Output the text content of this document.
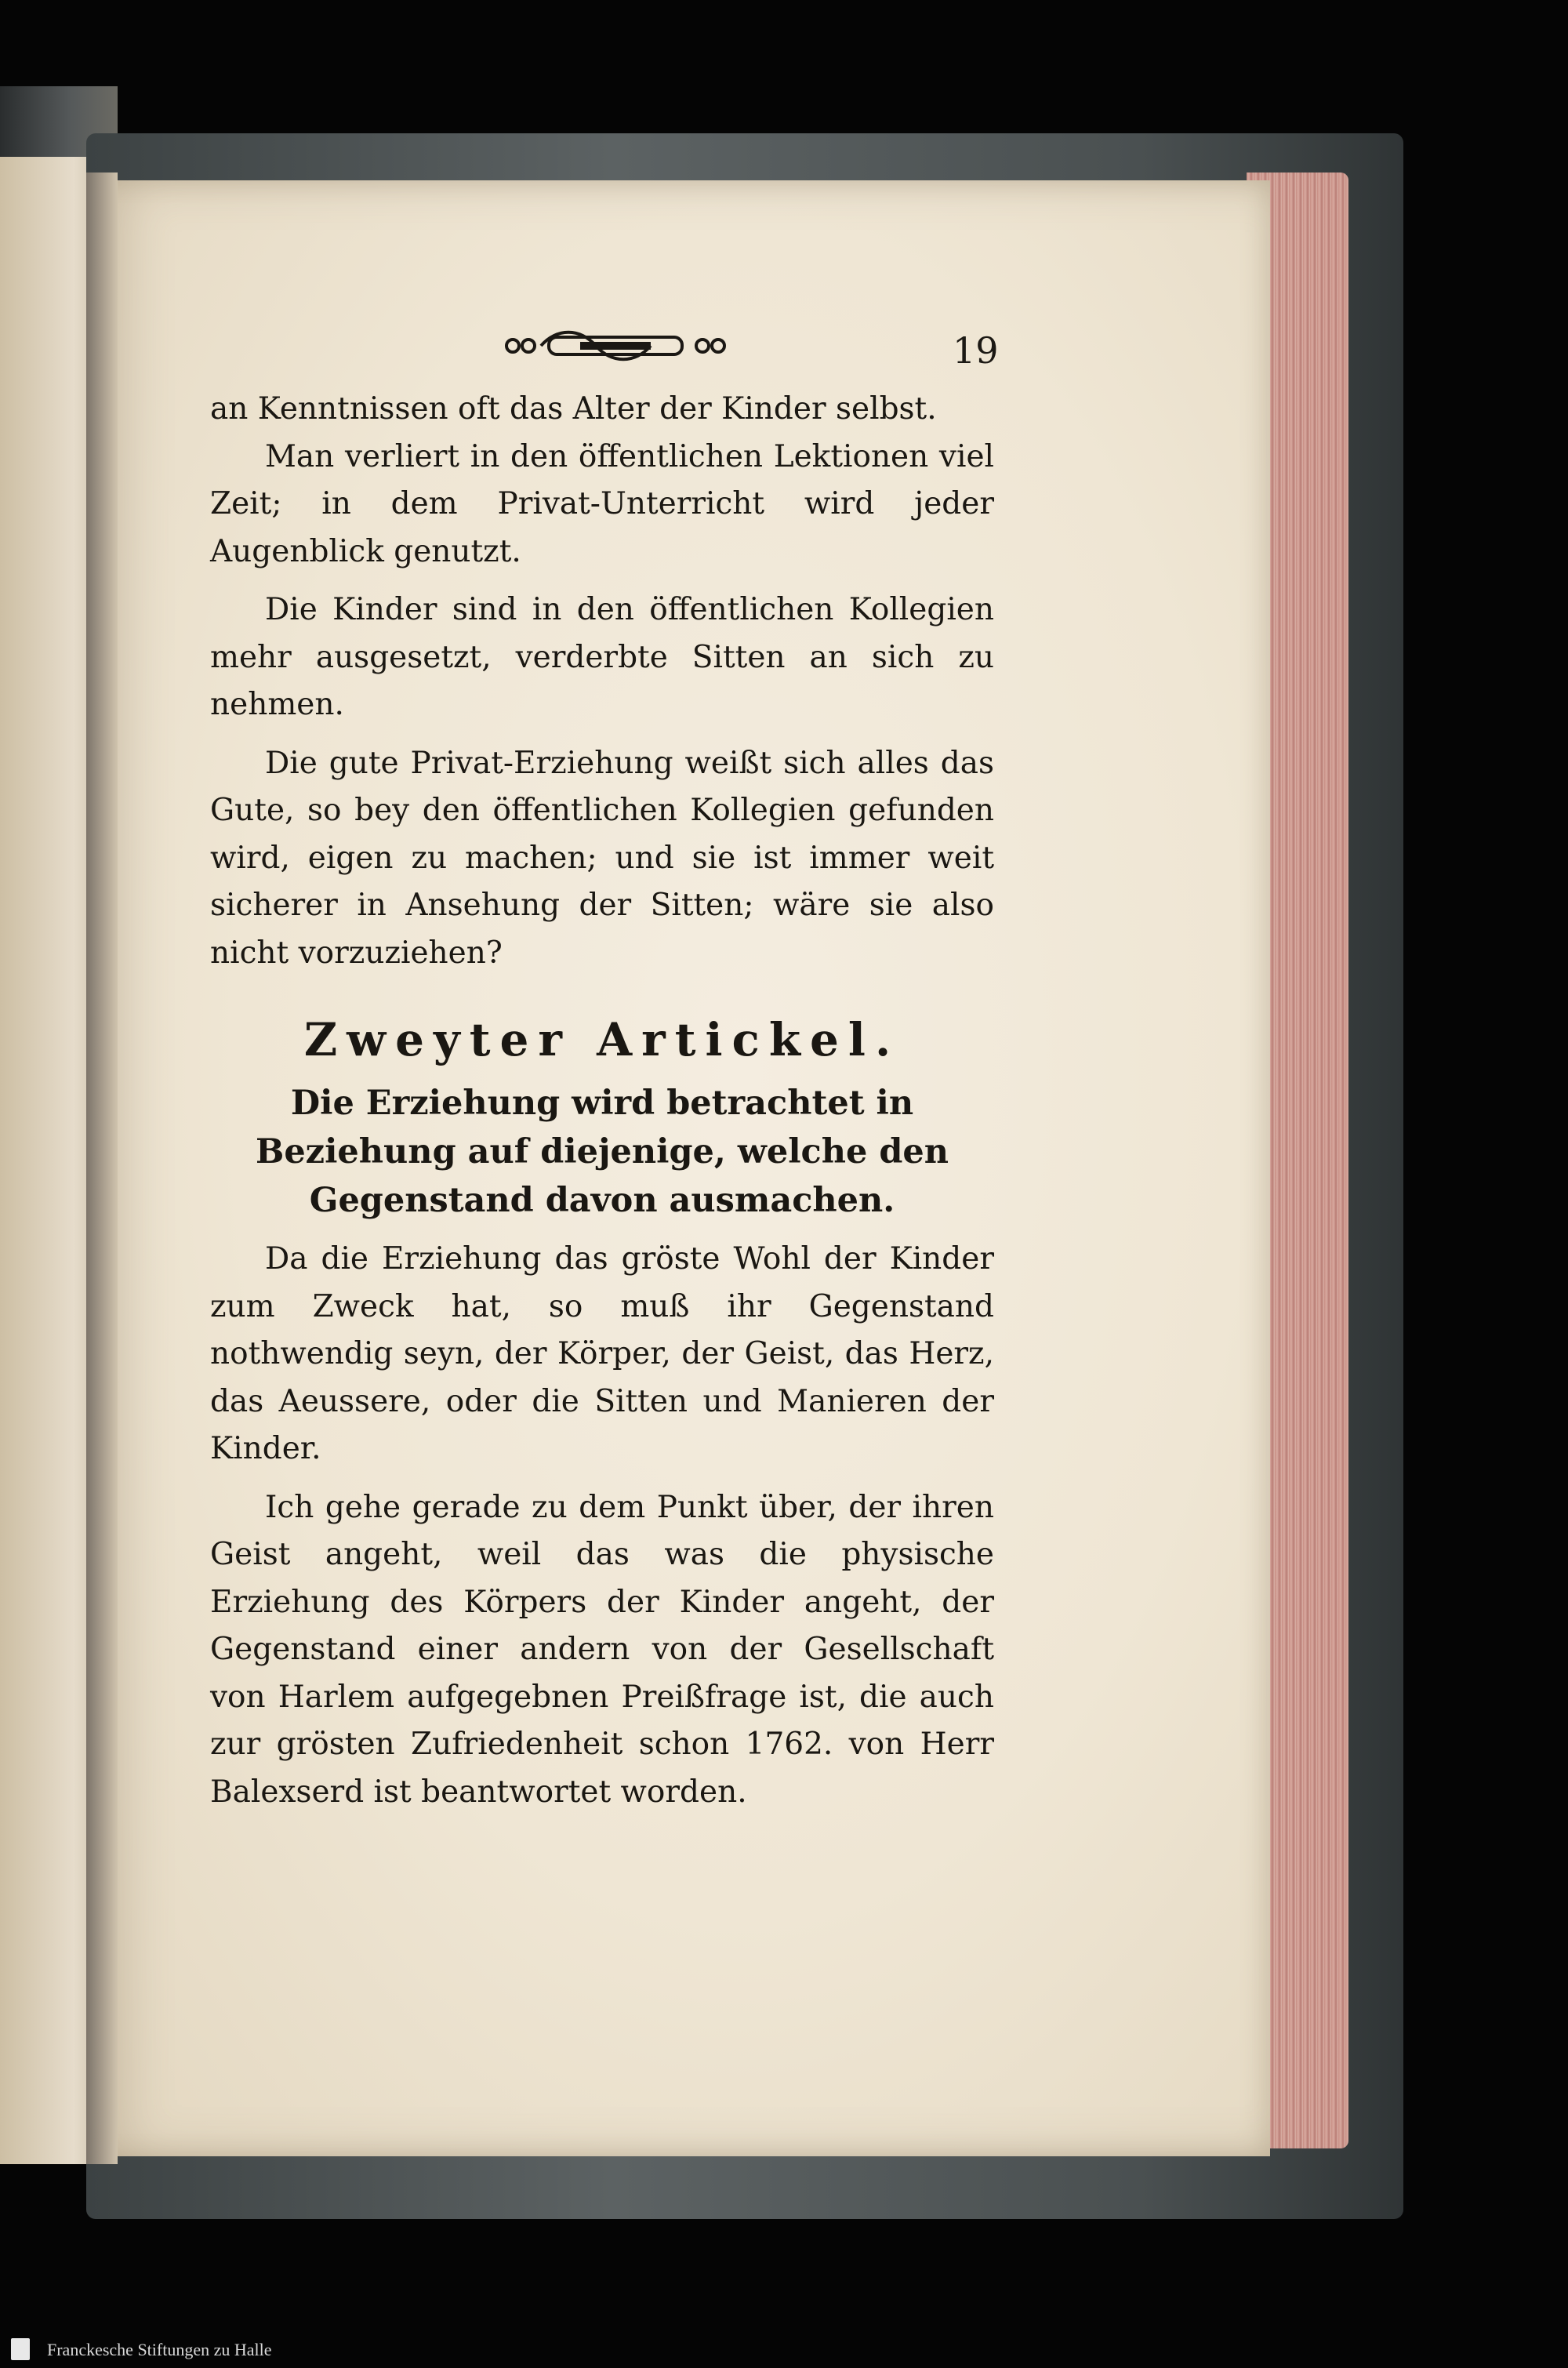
19

an Kenntnissen oft das Alter der Kinder selbst.

Man verliert in den öffentlichen Lektionen viel Zeit; in dem Privat-Unterricht wird jeder Augenblick genutzt.

Die Kinder sind in den öffentlichen Kollegien mehr ausgesetzt, verderbte Sitten an sich zu nehmen.

Die gute Privat-Erziehung weißt sich alles das Gute, so bey den öffentlichen Kollegien gefunden wird, eigen zu machen; und sie ist immer weit sicherer in Ansehung der Sitten; wäre sie also nicht vorzuziehen?

Zweyter Artickel.
Die Erziehung wird betrachtet in Beziehung auf diejenige, welche den Gegenstand davon ausmachen.

Da die Erziehung das gröste Wohl der Kinder zum Zweck hat, so muß ihr Gegenstand nothwendig seyn, der Körper, der Geist, das Herz, das Aeussere, oder die Sitten und Manieren der Kinder.

Ich gehe gerade zu dem Punkt über, der ihren Geist angeht, weil das was die physische Erziehung des Körpers der Kinder angeht, der Gegenstand einer andern von der Gesellschaft von Harlem aufgegebnen Preißfrage ist, die auch zur grösten Zufriedenheit schon 1762. von Herr Balexserd ist beantwortet worden.

Franckesche Stiftungen zu Halle
